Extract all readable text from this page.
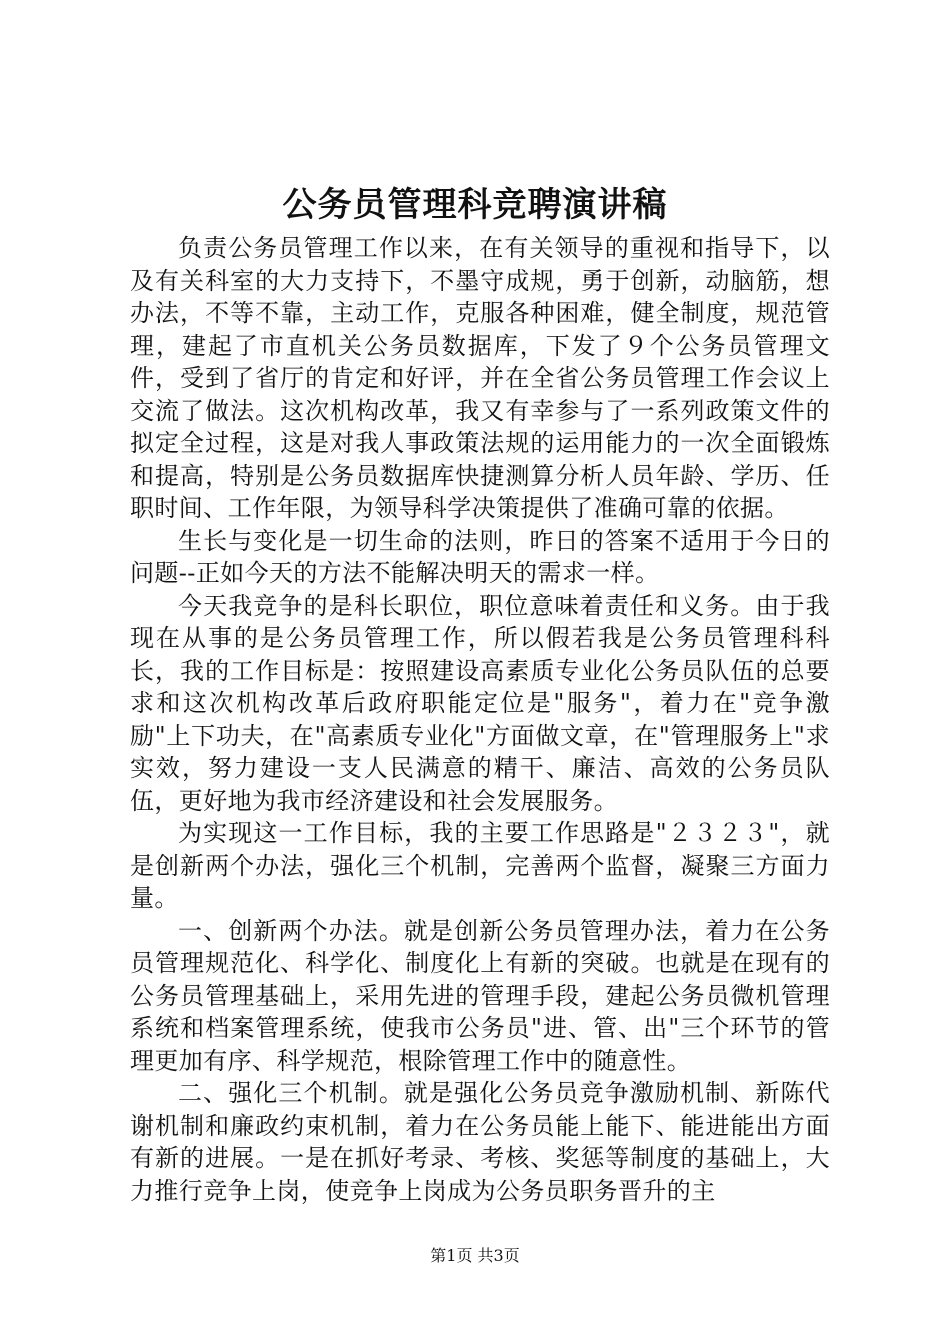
公务员管理科竞聘演讲稿

负责公务员管理工作以来，在有关领导的重视和指导下，以及有关科室的大力支持下，不墨守成规，勇于创新，动脑筋，想办法，不等不靠，主动工作，克服各种困难，健全制度，规范管理，建起了市直机关公务员数据库，下发了９个公务员管理文件，受到了省厅的肯定和好评，并在全省公务员管理工作会议上交流了做法。这次机构改革，我又有幸参与了一系列政策文件的拟定全过程，这是对我人事政策法规的运用能力的一次全面锻炼和提高，特别是公务员数据库快捷测算分析人员年龄、学历、任职时间、工作年限，为领导科学决策提供了准确可靠的依据。

生长与变化是一切生命的法则，昨日的答案不适用于今日的问题--正如今天的方法不能解决明天的需求一样。

今天我竞争的是科长职位，职位意味着责任和义务。由于我现在从事的是公务员管理工作，所以假若我是公务员管理科科长，我的工作目标是：按照建设高素质专业化公务员队伍的总要求和这次机构改革后政府职能定位是"服务"，着力在"竞争激励"上下功夫，在"高素质专业化"方面做文章，在"管理服务上"求实效，努力建设一支人民满意的精干、廉洁、高效的公务员队伍，更好地为我市经济建设和社会发展服务。

为实现这一工作目标，我的主要工作思路是"２３２３"，就是创新两个办法，强化三个机制，完善两个监督，凝聚三方面力量。

一、创新两个办法。就是创新公务员管理办法，着力在公务员管理规范化、科学化、制度化上有新的突破。也就是在现有的公务员管理基础上，采用先进的管理手段，建起公务员微机管理系统和档案管理系统，使我市公务员"进、管、出"三个环节的管理更加有序、科学规范，根除管理工作中的随意性。

二、强化三个机制。就是强化公务员竞争激励机制、新陈代谢机制和廉政约束机制，着力在公务员能上能下、能进能出方面有新的进展。一是在抓好考录、考核、奖惩等制度的基础上，大力推行竞争上岗，使竞争上岗成为公务员职务晋升的主

第1页 共3页
